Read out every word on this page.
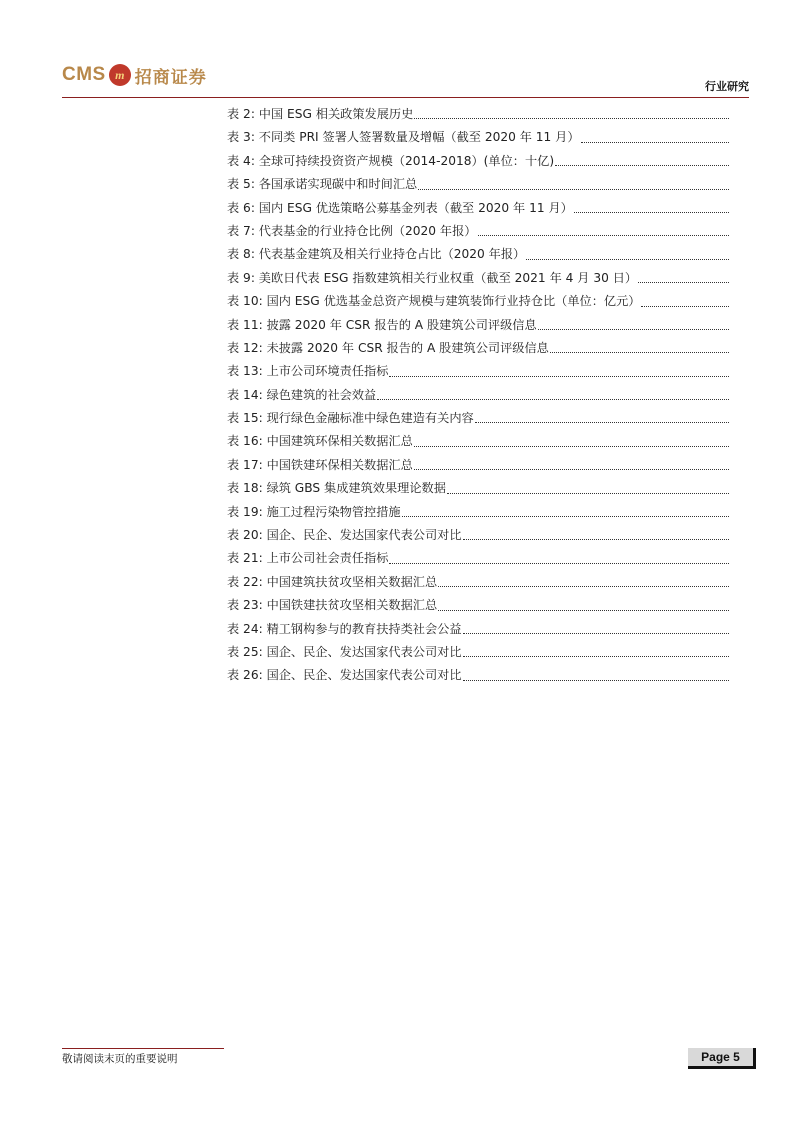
CMS m 招商证券	行业研究
表 2:
中国 ESG 相关政策发展历史
表 3:
不同类 PRI 签署人签署数量及增幅（截至 2020 年 11 月）
表 4:
全球可持续投资资产规模（2014-2018）(单位：十亿)
表 5:
各国承诺实现碳中和时间汇总
表 6:
国内 ESG 优选策略公募基金列表（截至 2020 年 11 月）
表 7:
代表基金的行业持仓比例（2020 年报）
表 8:
代表基金建筑及相关行业持仓占比（2020 年报）
表 9:
美欧日代表 ESG 指数建筑相关行业权重（截至 2021 年 4 月 30 日）
表 10:
国内 ESG 优选基金总资产规模与建筑装饰行业持仓比（单位：亿元）
表 11:
披露 2020 年 CSR 报告的 A 股建筑公司评级信息
表 12:
未披露 2020 年 CSR 报告的 A 股建筑公司评级信息
表 13:
上市公司环境责任指标
表 14:
绿色建筑的社会效益
表 15:
现行绿色金融标准中绿色建造有关内容
表 16:
中国建筑环保相关数据汇总
表 17:
中国铁建环保相关数据汇总
表 18:
绿筑 GBS 集成建筑效果理论数据
表 19:
施工过程污染物管控措施
表 20:
国企、民企、发达国家代表公司对比
表 21:
上市公司社会责任指标
表 22:
中国建筑扶贫攻坚相关数据汇总
表 23:
中国铁建扶贫攻坚相关数据汇总
表 24:
精工钢构参与的教育扶持类社会公益
表 25:
国企、民企、发达国家代表公司对比
表 26:
国企、民企、发达国家代表公司对比
敬请阅读末页的重要说明	Page 5
